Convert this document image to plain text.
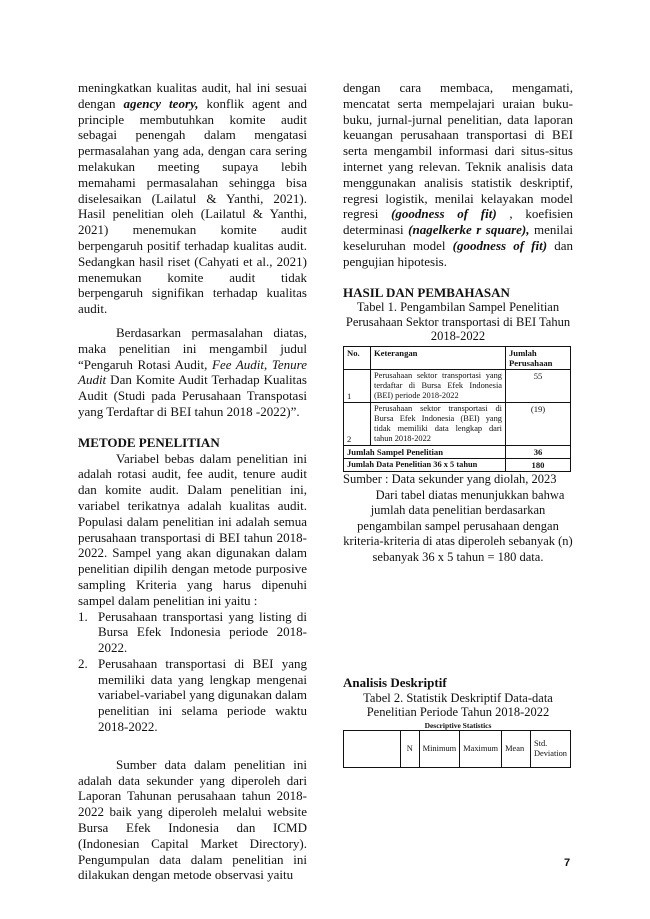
meningkatkan kualitas audit, hal ini sesuai dengan agency teory, konflik agent and principle membutuhkan komite audit sebagai penengah dalam mengatasi permasalahan yang ada, dengan cara sering melakukan meeting supaya lebih memahami permasalahan sehingga bisa diselesaikan (Lailatul & Yanthi, 2021). Hasil penelitian oleh (Lailatul & Yanthi, 2021) menemukan komite audit berpengaruh positif terhadap kualitas audit. Sedangkan hasil riset (Cahyati et al., 2021) menemukan komite audit tidak berpengaruh signifikan terhadap kualitas audit.

Berdasarkan permasalahan diatas, maka penelitian ini mengambil judul “Pengaruh Rotasi Audit, Fee Audit, Tenure Audit Dan Komite Audit Terhadap Kualitas Audit (Studi pada Perusahaan Transpotasi yang Terdaftar di BEI tahun 2018 -2022)”.

METODE PENELITIAN

Variabel bebas dalam penelitian ini adalah rotasi audit, fee audit, tenure audit dan komite audit. Dalam penelitian ini, variabel terikatnya adalah kualitas audit. Populasi dalam penelitian ini adalah semua perusahaan transportasi di BEI tahun 2018-2022. Sampel yang akan digunakan dalam penelitian dipilih dengan metode purposive sampling Kriteria yang harus dipenuhi sampel dalam penelitian ini yaitu :

1. Perusahaan transportasi yang listing di Bursa Efek Indonesia periode 2018-2022.
2. Perusahaan transportasi di BEI yang memiliki data yang lengkap mengenai variabel-variabel yang digunakan dalam penelitian ini selama periode waktu 2018-2022.

Sumber data dalam penelitian ini adalah data sekunder yang diperoleh dari Laporan Tahunan perusahaan tahun 2018-2022 baik yang diperoleh melalui website Bursa Efek Indonesia dan ICMD (Indonesian Capital Market Directory). Pengumpulan data dalam penelitian ini dilakukan dengan metode observasi yaitu

dengan cara membaca, mengamati, mencatat serta mempelajari uraian buku-buku, jurnal-jurnal penelitian, data laporan keuangan perusahaan transportasi di BEI serta mengambil informasi dari situs-situs internet yang relevan. Teknik analisis data menggunakan analisis statistik deskriptif, regresi logistik, menilai kelayakan model regresi (goodness of fit) , koefisien determinasi (nagelkerke r square), menilai keseluruhan model (goodness of fit) dan pengujian hipotesis.

HASIL DAN PEMBAHASAN

Tabel 1. Pengambilan Sampel Penelitian Perusahaan Sektor transportasi di BEI Tahun 2018-2022

No.	Keterangan	Jumlah Perusahaan
1	Perusahaan sektor transportasi yang terdaftar di Bursa Efek Indonesia (BEI) periode 2018-2022	55
2	Perusahaan sektor transportasi di Bursa Efek Indonesia (BEI) yang tidak memiliki data lengkap dari tahun 2018-2022	(19)
Jumlah Sampel Penelitian		36
Jumlah Data Penelitian 36 x 5 tahun		180

Sumber : Data sekunder yang diolah, 2023

Dari tabel diatas menunjukkan bahwa jumlah data penelitian berdasarkan pengambilan sampel perusahaan dengan kriteria-kriteria di atas diperoleh sebanyak (n) sebanyak 36 x 5 tahun = 180 data.

Analisis Deskriptif

Tabel 2. Statistik Deskriptif Data-data Penelitian Periode Tahun 2018-2022

Descriptive Statistics
	N	Minimum	Maximum	Mean	Std. Deviation
7
